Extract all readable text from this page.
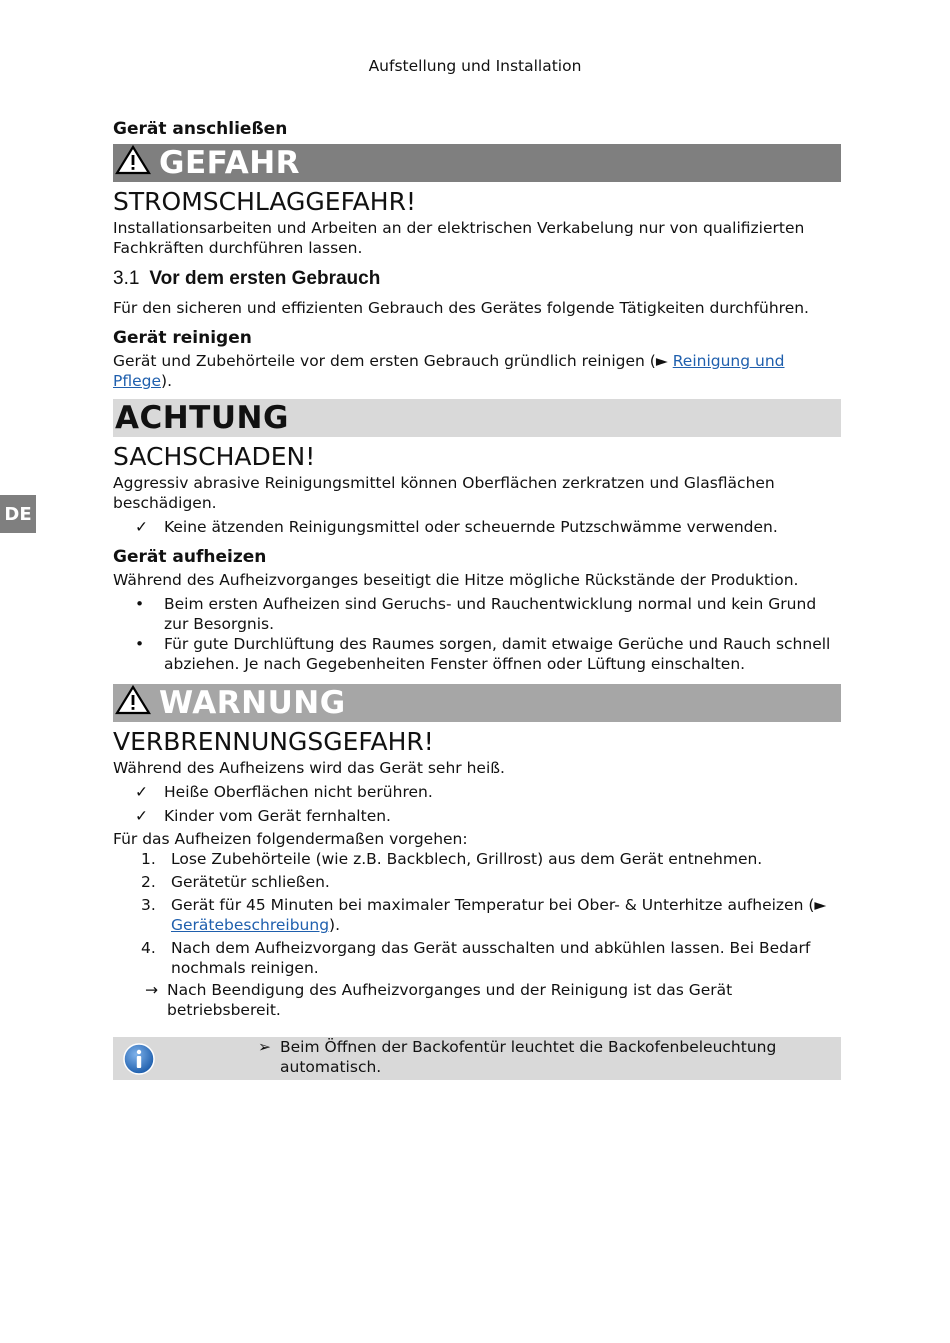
Aufstellung und Installation
DE
Gerät anschließen
GEFAHR
STROMSCHLAGGEFAHR!

Installationsarbeiten und Arbeiten an der elektrischen Verkabelung nur von qualifizierten Fachkräften durchführen lassen.

3.1 Vor dem ersten Gebrauch

Für den sicheren und effizienten Gebrauch des Gerätes folgende Tätigkeiten durchführen.

Gerät reinigen

Gerät und Zubehörteile vor dem ersten Gebrauch gründlich reinigen (► Reinigung und Pflege).

ACHTUNG
SACHSCHADEN!

Aggressiv abrasive Reinigungsmittel können Oberflächen zerkratzen und Glasflächen beschädigen.

✓ Keine ätzenden Reinigungsmittel oder scheuernde Putzschwämme verwenden.
Gerät aufheizen

Während des Aufheizvorganges beseitigt die Hitze mögliche Rückstände der Produktion.

• Beim ersten Aufheizen sind Geruchs- und Rauchentwicklung normal und kein Grund zur Besorgnis.
• Für gute Durchlüftung des Raumes sorgen, damit etwaige Gerüche und Rauch schnell abziehen. Je nach Gegebenheiten Fenster öffnen oder Lüftung einschalten.
WARNUNG
VERBRENNUNGSGEFAHR!

Während des Aufheizens wird das Gerät sehr heiß.

✓ Heiße Oberflächen nicht berühren.
✓ Kinder vom Gerät fernhalten.

Für das Aufheizen folgendermaßen vorgehen:

1. Lose Zubehörteile (wie z.B. Backblech, Grillrost) aus dem Gerät entnehmen.
2. Gerätetür schließen.
3. Gerät für 45 Minuten bei maximaler Temperatur bei Ober- & Unterhitze aufheizen (► Gerätebeschreibung).
4. Nach dem Aufheizvorgang das Gerät ausschalten und abkühlen lassen. Bei Bedarf nochmals reinigen.
→ Nach Beendigung des Aufheizvorganges und der Reinigung ist das Gerät betriebsbereit.
➢ Beim Öffnen der Backofentür leuchtet die Backofenbeleuchtung automatisch.
